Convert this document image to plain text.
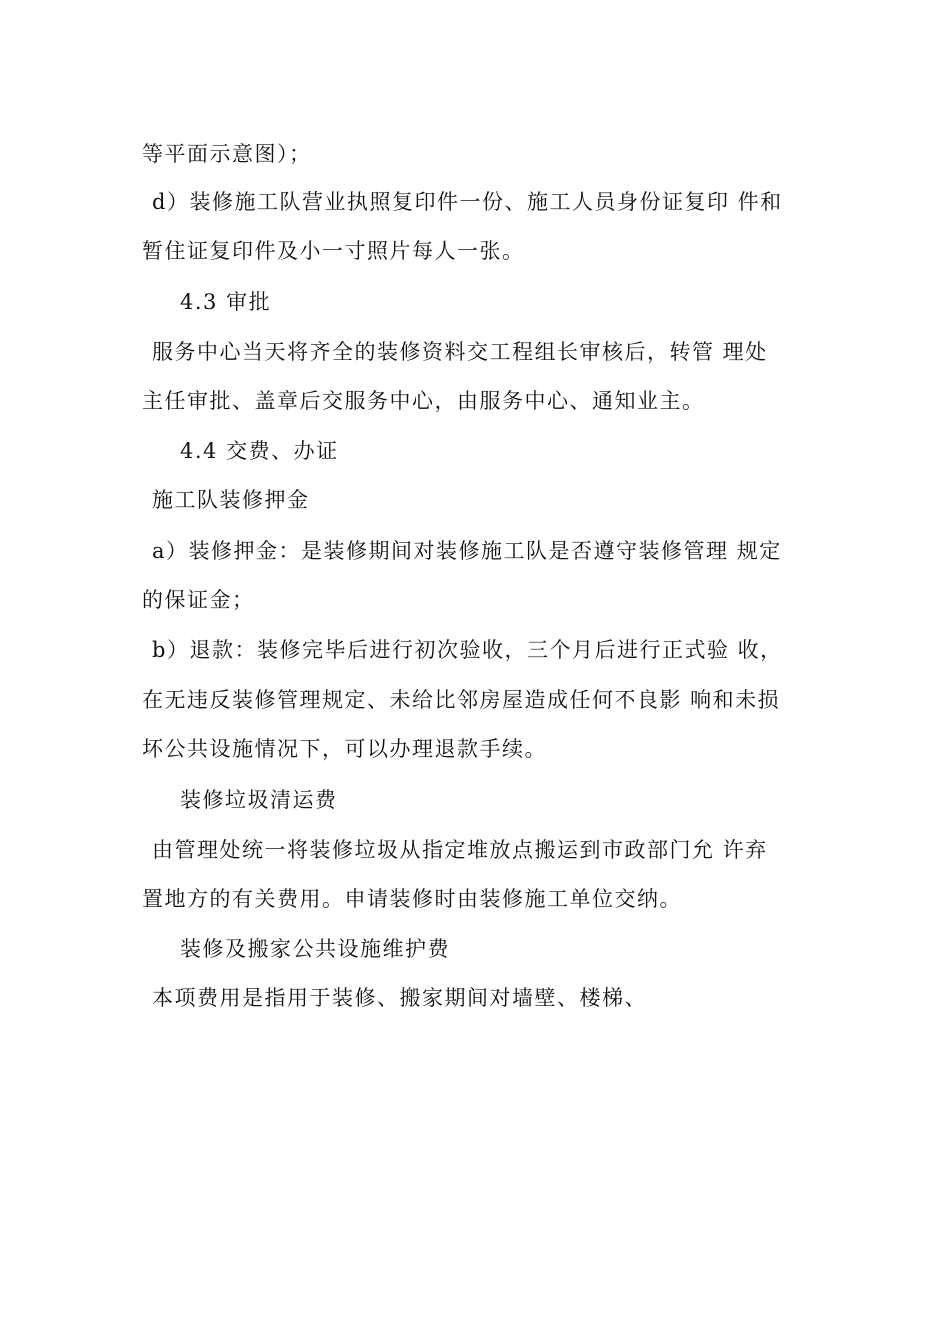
等平面示意图）；
d）装修施工队营业执照复印件一份、施工人员身份证复印 件和
暂住证复印件及小一寸照片每人一张。
4.3 审批
服务中心当天将齐全的装修资料交工程组长审核后，转管 理处
主任审批、盖章后交服务中心，由服务中心、通知业主。
4.4 交费、办证
施工队装修押金
a）装修押金：是装修期间对装修施工队是否遵守装修管理 规定
的保证金；
b）退款：装修完毕后进行初次验收，三个月后进行正式验 收，
在无违反装修管理规定、未给比邻房屋造成任何不良影 响和未损
坏公共设施情况下，可以办理退款手续。
装修垃圾清运费
由管理处统一将装修垃圾从指定堆放点搬运到市政部门允 许弃
置地方的有关费用。申请装修时由装修施工单位交纳。
装修及搬家公共设施维护费
本项费用是指用于装修、搬家期间对墙壁、楼梯、
